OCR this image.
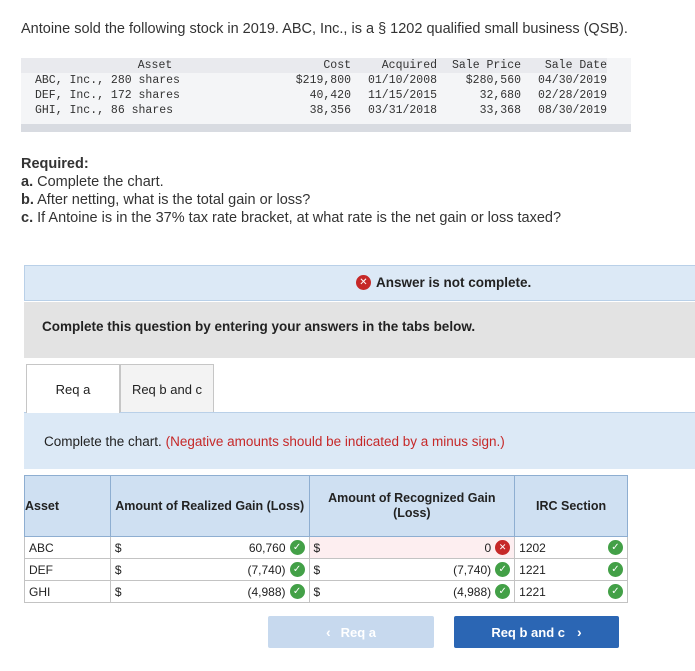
Antoine sold the following stock in 2019. ABC, Inc., is a § 1202 qualified small business (QSB).
Asset	Cost	Acquired	Sale Price	Sale Date
ABC, Inc., 280 shares	$219,800	01/10/2008	$280,560	04/30/2019
DEF, Inc., 172 shares	40,420	11/15/2015	32,680	02/28/2019
GHI, Inc., 86 shares	38,356	03/31/2018	33,368	08/30/2019
Required:
a. Complete the chart.
b. After netting, what is the total gain or loss?
c. If Antoine is in the 37% tax rate bracket, at what rate is the net gain or loss taxed?
✕ Answer is not complete.
Complete this question by entering your answers in the tabs below.
Req a	Req b and c
Complete the chart. (Negative amounts should be indicated by a minus sign.)
Asset	Amount of Realized Gain (Loss)	Amount of Recognized Gain (Loss)	IRC Section
ABC	$ 60,760 ✓	$ 0 ✕	1202 ✓

DEF	$ (7,740) ✓	$ (7,740) ✓	1221 ✓

GHI	$ (4,988) ✓	$ (4,988) ✓	1221 ✓
‹ Req a	Req b and c ›
